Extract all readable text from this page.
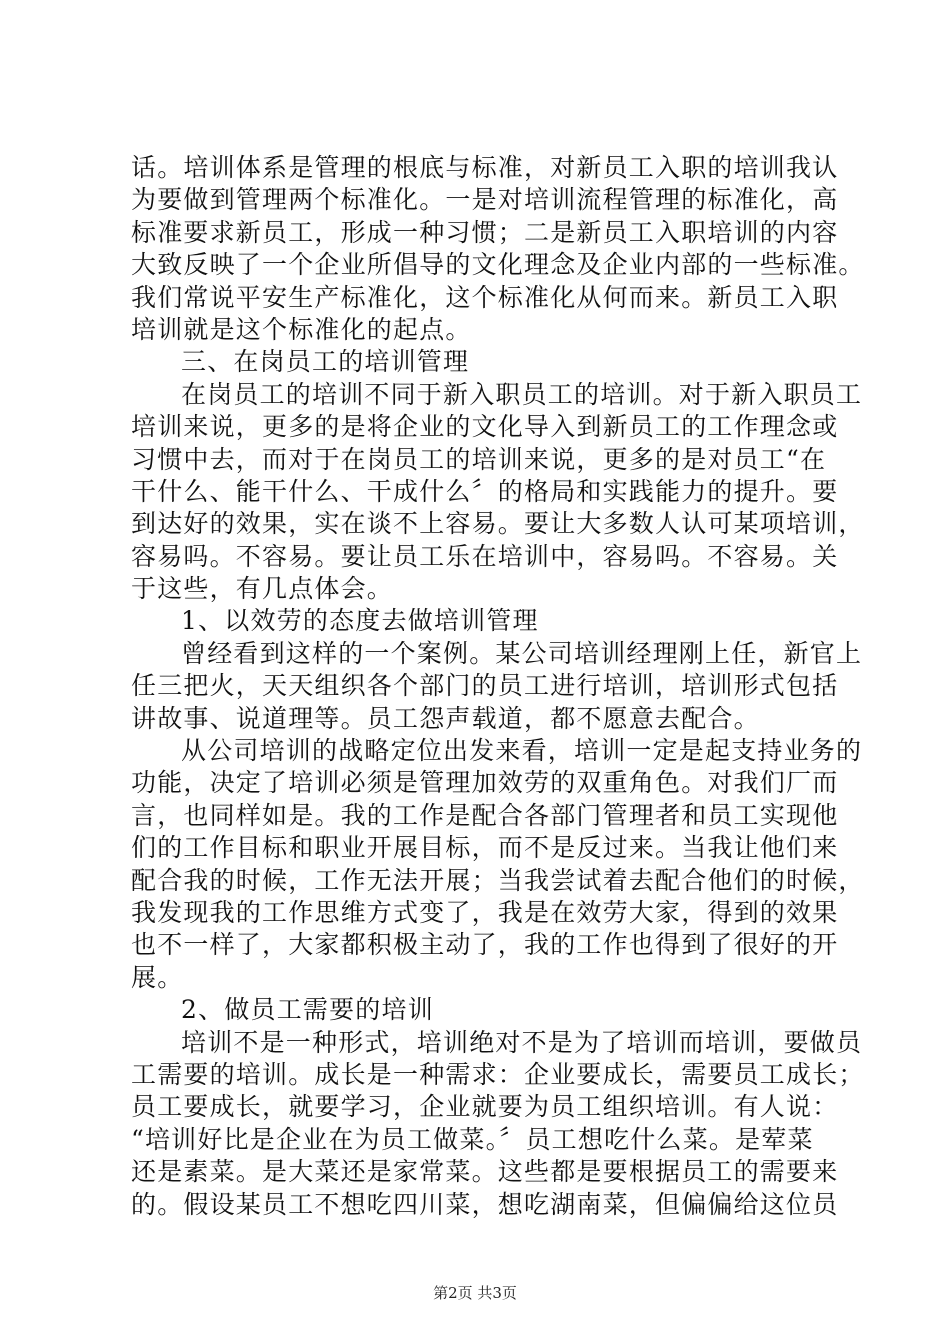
话。培训体系是管理的根底与标准，对新员工入职的培训我认
为要做到管理两个标准化。一是对培训流程管理的标准化，高
标准要求新员工，形成一种习惯；二是新员工入职培训的内容
大致反映了一个企业所倡导的文化理念及企业内部的一些标准。
我们常说平安生产标准化，这个标准化从何而来。新员工入职
培训就是这个标准化的起点。
三、在岗员工的培训管理
在岗员工的培训不同于新入职员工的培训。对于新入职员工
培训来说，更多的是将企业的文化导入到新员工的工作理念或
习惯中去，而对于在岗员工的培训来说，更多的是对员工“在
干什么、能干什么、干成什么〞的格局和实践能力的提升。要
到达好的效果，实在谈不上容易。要让大多数人认可某项培训，
容易吗。不容易。要让员工乐在培训中，容易吗。不容易。关
于这些，有几点体会。
1、以效劳的态度去做培训管理
曾经看到这样的一个案例。某公司培训经理刚上任，新官上
任三把火，天天组织各个部门的员工进行培训，培训形式包括
讲故事、说道理等。员工怨声载道，都不愿意去配合。
从公司培训的战略定位出发来看，培训一定是起支持业务的
功能，决定了培训必须是管理加效劳的双重角色。对我们厂而
言，也同样如是。我的工作是配合各部门管理者和员工实现他
们的工作目标和职业开展目标，而不是反过来。当我让他们来
配合我的时候，工作无法开展；当我尝试着去配合他们的时候，
我发现我的工作思维方式变了，我是在效劳大家，得到的效果
也不一样了，大家都积极主动了，我的工作也得到了很好的开
展。
2、做员工需要的培训
培训不是一种形式，培训绝对不是为了培训而培训，要做员
工需要的培训。成长是一种需求：企业要成长，需要员工成长；
员工要成长，就要学习，企业就要为员工组织培训。有人说：
“培训好比是企业在为员工做菜。〞员工想吃什么菜。是荤菜
还是素菜。是大菜还是家常菜。这些都是要根据员工的需要来
的。假设某员工不想吃四川菜，想吃湖南菜，但偏偏给这位员
第2页 共3页
